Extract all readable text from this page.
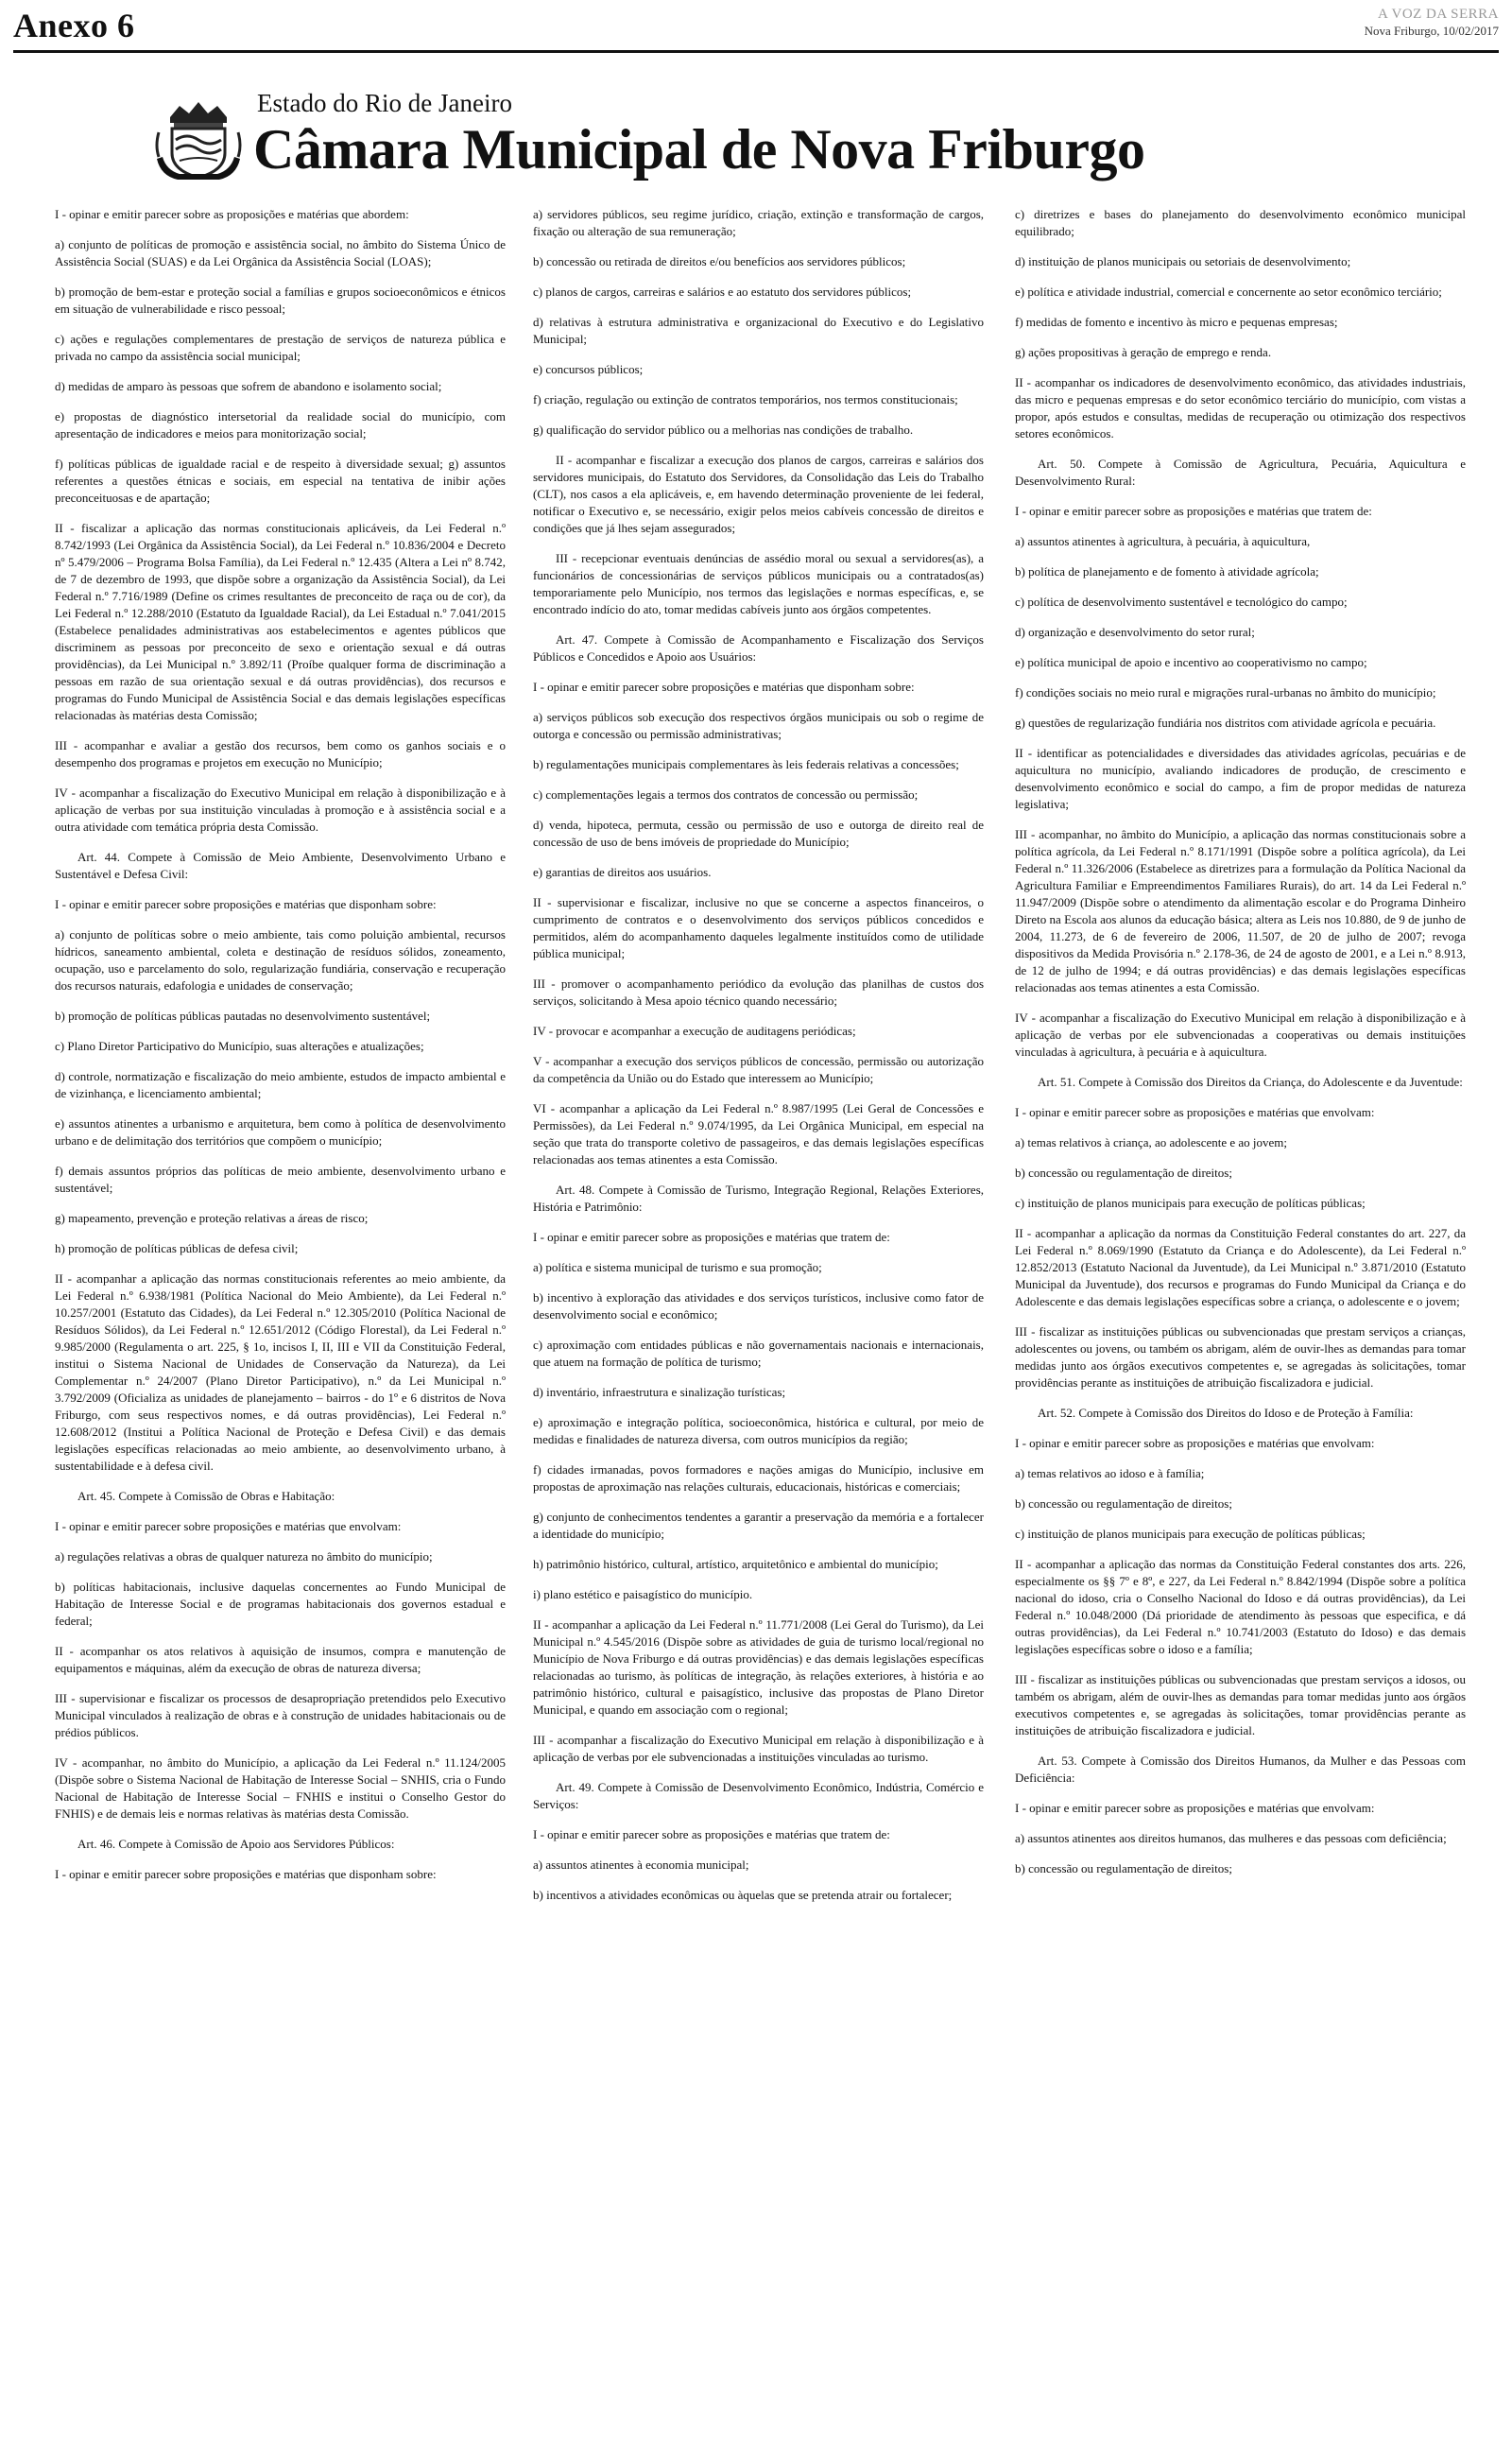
Anexo 6	A VOZ DA SERRA
Nova Friburgo, 10/02/2017
Estado do Rio de Janeiro
Câmara Municipal de Nova Friburgo

I - opinar e emitir parecer sobre as proposições e matérias que abordem:

a) conjunto de políticas de promoção e assistência social, no âmbito do Sistema Único de Assistência Social (SUAS) e da Lei Orgânica da Assistência Social (LOAS);

b) promoção de bem-estar e proteção social a famílias e grupos socioeconômicos e étnicos em situação de vulnerabilidade e risco pessoal;

c) ações e regulações complementares de prestação de serviços de natureza pública e privada no campo da assistência social municipal;

d) medidas de amparo às pessoas que sofrem de abandono e isolamento social;

e) propostas de diagnóstico intersetorial da realidade social do município, com apresentação de indicadores e meios para monitorização social;

f) políticas públicas de igualdade racial e de respeito à diversidade sexual; g) assuntos referentes a questões étnicas e sociais, em especial na tentativa de inibir ações preconceituosas e de apartação;

II - fiscalizar a aplicação das normas constitucionais aplicáveis, da Lei Federal n.º 8.742/1993 (Lei Orgânica da Assistência Social), da Lei Federal n.º 10.836/2004 e Decreto nº 5.479/2006 – Programa Bolsa Família), da Lei Federal n.º 12.435 (Altera a Lei nº 8.742, de 7 de dezembro de 1993, que dispõe sobre a organização da Assistência Social), da Lei Federal n.º 7.716/1989 (Define os crimes resultantes de preconceito de raça ou de cor), da Lei Federal n.º 12.288/2010 (Estatuto da Igualdade Racial), da Lei Estadual n.º 7.041/2015 (Estabelece penalidades administrativas aos estabelecimentos e agentes públicos que discriminem as pessoas por preconceito de sexo e orientação sexual e dá outras providências), da Lei Municipal n.º 3.892/11 (Proíbe qualquer forma de discriminação a pessoas em razão de sua orientação sexual e dá outras providências), dos recursos e programas do Fundo Municipal de Assistência Social e das demais legislações específicas relacionadas às matérias desta Comissão;

III - acompanhar e avaliar a gestão dos recursos, bem como os ganhos sociais e o desempenho dos programas e projetos em execução no Município;

IV - acompanhar a fiscalização do Executivo Municipal em relação à disponibilização e à aplicação de verbas por sua instituição vinculadas à promoção e à assistência social e a outra atividade com temática própria desta Comissão.

Art. 44. Compete à Comissão de Meio Ambiente, Desenvolvimento Urbano e Sustentável e Defesa Civil:

I - opinar e emitir parecer sobre proposições e matérias que disponham sobre:

a) conjunto de políticas sobre o meio ambiente, tais como poluição ambiental, recursos hídricos, saneamento ambiental, coleta e destinação de resíduos sólidos, zoneamento, ocupação, uso e parcelamento do solo, regularização fundiária, conservação e recuperação dos recursos naturais, edafologia e unidades de conservação;

b) promoção de políticas públicas pautadas no desenvolvimento sustentável;

c) Plano Diretor Participativo do Município, suas alterações e atualizações;

d) controle, normatização e fiscalização do meio ambiente, estudos de impacto ambiental e de vizinhança, e licenciamento ambiental;

e) assuntos atinentes a urbanismo e arquitetura, bem como à política de desenvolvimento urbano e de delimitação dos territórios que compõem o município;

f) demais assuntos próprios das políticas de meio ambiente, desenvolvimento urbano e sustentável;

g) mapeamento, prevenção e proteção relativas a áreas de risco;

h) promoção de políticas públicas de defesa civil;

II - acompanhar a aplicação das normas constitucionais referentes ao meio ambiente, da Lei Federal n.º 6.938/1981 (Política Nacional do Meio Ambiente), da Lei Federal n.º 10.257/2001 (Estatuto das Cidades), da Lei Federal n.º 12.305/2010 (Política Nacional de Resíduos Sólidos), da Lei Federal n.º 12.651/2012 (Código Florestal), da Lei Federal n.º 9.985/2000 (Regulamenta o art. 225, § 1o, incisos I, II, III e VII da Constituição Federal, institui o Sistema Nacional de Unidades de Conservação da Natureza), da Lei Complementar n.º 24/2007 (Plano Diretor Participativo), n.º da Lei Municipal n.º 3.792/2009 (Oficializa as unidades de planejamento – bairros - do 1º e 6 distritos de Nova Friburgo, com seus respectivos nomes, e dá outras providências), Lei Federal n.º 12.608/2012 (Institui a Política Nacional de Proteção e Defesa Civil) e das demais legislações específicas relacionadas ao meio ambiente, ao desenvolvimento urbano, à sustentabilidade e à defesa civil.

Art. 45. Compete à Comissão de Obras e Habitação:

I - opinar e emitir parecer sobre proposições e matérias que envolvam:

a) regulações relativas a obras de qualquer natureza no âmbito do município;

b) políticas habitacionais, inclusive daquelas concernentes ao Fundo Municipal de Habitação de Interesse Social e de programas habitacionais dos governos estadual e federal;

II - acompanhar os atos relativos à aquisição de insumos, compra e manutenção de equipamentos e máquinas, além da execução de obras de natureza diversa;

III - supervisionar e fiscalizar os processos de desapropriação pretendidos pelo Executivo Municipal vinculados à realização de obras e à construção de unidades habitacionais ou de prédios públicos.

IV - acompanhar, no âmbito do Município, a aplicação da Lei Federal n.º 11.124/2005 (Dispõe sobre o Sistema Nacional de Habitação de Interesse Social – SNHIS, cria o Fundo Nacional de Habitação de Interesse Social – FNHIS e institui o Conselho Gestor do FNHIS) e de demais leis e normas relativas às matérias desta Comissão.

Art. 46. Compete à Comissão de Apoio aos Servidores Públicos:

I - opinar e emitir parecer sobre proposições e matérias que disponham sobre:

a) servidores públicos, seu regime jurídico, criação, extinção e transformação de cargos, fixação ou alteração de sua remuneração;

b) concessão ou retirada de direitos e/ou benefícios aos servidores públicos;

c) planos de cargos, carreiras e salários e ao estatuto dos servidores públicos;

d) relativas à estrutura administrativa e organizacional do Executivo e do Legislativo Municipal;

e) concursos públicos;

f) criação, regulação ou extinção de contratos temporários, nos termos constitucionais;

g) qualificação do servidor público ou a melhorias nas condições de trabalho.

II - acompanhar e fiscalizar a execução dos planos de cargos, carreiras e salários dos servidores municipais, do Estatuto dos Servidores, da Consolidação das Leis do Trabalho (CLT), nos casos a ela aplicáveis, e, em havendo determinação proveniente de lei federal, notificar o Executivo e, se necessário, exigir pelos meios cabíveis concessão de direitos e condições que já lhes sejam assegurados;

III - recepcionar eventuais denúncias de assédio moral ou sexual a servidores(as), a funcionários de concessionárias de serviços públicos municipais ou a contratados(as) temporariamente pelo Município, nos termos das legislações e normas específicas, e, se encontrado indício do ato, tomar medidas cabíveis junto aos órgãos competentes.

Art. 47. Compete à Comissão de Acompanhamento e Fiscalização dos Serviços Públicos e Concedidos e Apoio aos Usuários:

I - opinar e emitir parecer sobre proposições e matérias que disponham sobre:

a) serviços públicos sob execução dos respectivos órgãos municipais ou sob o regime de outorga e concessão ou permissão administrativas;

b) regulamentações municipais complementares às leis federais relativas a concessões;

c) complementações legais a termos dos contratos de concessão ou permissão;

d) venda, hipoteca, permuta, cessão ou permissão de uso e outorga de direito real de concessão de uso de bens imóveis de propriedade do Município;

e) garantias de direitos aos usuários.

II - supervisionar e fiscalizar, inclusive no que se concerne a aspectos financeiros, o cumprimento de contratos e o desenvolvimento dos serviços públicos concedidos e permitidos, além do acompanhamento daqueles legalmente instituídos como de utilidade pública municipal;

III - promover o acompanhamento periódico da evolução das planilhas de custos dos serviços, solicitando à Mesa apoio técnico quando necessário;

IV - provocar e acompanhar a execução de auditagens periódicas;

V - acompanhar a execução dos serviços públicos de concessão, permissão ou autorização da competência da União ou do Estado que interessem ao Município;

VI - acompanhar a aplicação da Lei Federal n.º 8.987/1995 (Lei Geral de Concessões e Permissões), da Lei Federal n.º 9.074/1995, da Lei Orgânica Municipal, em especial na seção que trata do transporte coletivo de passageiros, e das demais legislações específicas relacionadas aos temas atinentes a esta Comissão.

Art. 48. Compete à Comissão de Turismo, Integração Regional, Relações Exteriores, História e Patrimônio:

I - opinar e emitir parecer sobre as proposições e matérias que tratem de:

a) política e sistema municipal de turismo e sua promoção;

b) incentivo à exploração das atividades e dos serviços turísticos, inclusive como fator de desenvolvimento social e econômico;

c) aproximação com entidades públicas e não governamentais nacionais e internacionais, que atuem na formação de política de turismo;

d) inventário, infraestrutura e sinalização turísticas;

e) aproximação e integração política, socioeconômica, histórica e cultural, por meio de medidas e finalidades de natureza diversa, com outros municípios da região;

f) cidades irmanadas, povos formadores e nações amigas do Município, inclusive em propostas de aproximação nas relações culturais, educacionais, históricas e comerciais;

g) conjunto de conhecimentos tendentes a garantir a preservação da memória e a fortalecer a identidade do município;

h) patrimônio histórico, cultural, artístico, arquitetônico e ambiental do município;

i) plano estético e paisagístico do município.

II - acompanhar a aplicação da Lei Federal n.º 11.771/2008 (Lei Geral do Turismo), da Lei Municipal n.º 4.545/2016 (Dispõe sobre as atividades de guia de turismo local/regional no Município de Nova Friburgo e dá outras providências) e das demais legislações específicas relacionadas ao turismo, às políticas de integração, às relações exteriores, à história e ao patrimônio histórico, cultural e paisagístico, inclusive das propostas de Plano Diretor Municipal, e quando em associação com o regional;

III - acompanhar a fiscalização do Executivo Municipal em relação à disponibilização e à aplicação de verbas por ele subvencionadas a instituições vinculadas ao turismo.

Art. 49. Compete à Comissão de Desenvolvimento Econômico, Indústria, Comércio e Serviços:

I - opinar e emitir parecer sobre as proposições e matérias que tratem de:

a) assuntos atinentes à economia municipal;

b) incentivos a atividades econômicas ou àquelas que se pretenda atrair ou fortalecer;

c) diretrizes e bases do planejamento do desenvolvimento econômico municipal equilibrado;

d) instituição de planos municipais ou setoriais de desenvolvimento;

e) política e atividade industrial, comercial e concernente ao setor econômico terciário;

f) medidas de fomento e incentivo às micro e pequenas empresas;

g) ações propositivas à geração de emprego e renda.

II - acompanhar os indicadores de desenvolvimento econômico, das atividades industriais, das micro e pequenas empresas e do setor econômico terciário do município, com vistas a propor, após estudos e consultas, medidas de recuperação ou otimização dos respectivos setores econômicos.

Art. 50. Compete à Comissão de Agricultura, Pecuária, Aquicultura e Desenvolvimento Rural:

I - opinar e emitir parecer sobre as proposições e matérias que tratem de:

a) assuntos atinentes à agricultura, à pecuária, à aquicultura,

b) política de planejamento e de fomento à atividade agrícola;

c) política de desenvolvimento sustentável e tecnológico do campo;

d) organização e desenvolvimento do setor rural;

e) política municipal de apoio e incentivo ao cooperativismo no campo;

f) condições sociais no meio rural e migrações rural-urbanas no âmbito do município;

g) questões de regularização fundiária nos distritos com atividade agrícola e pecuária.

II - identificar as potencialidades e diversidades das atividades agrícolas, pecuárias e de aquicultura no município, avaliando indicadores de produção, de crescimento e desenvolvimento econômico e social do campo, a fim de propor medidas de natureza legislativa;

III - acompanhar, no âmbito do Município, a aplicação das normas constitucionais sobre a política agrícola, da Lei Federal n.º 8.171/1991 (Dispõe sobre a política agrícola), da Lei Federal n.º 11.326/2006 (Estabelece as diretrizes para a formulação da Política Nacional da Agricultura Familiar e Empreendimentos Familiares Rurais), do art. 14 da Lei Federal n.º 11.947/2009 (Dispõe sobre o atendimento da alimentação escolar e do Programa Dinheiro Direto na Escola aos alunos da educação básica; altera as Leis nos 10.880, de 9 de junho de 2004, 11.273, de 6 de fevereiro de 2006, 11.507, de 20 de julho de 2007; revoga dispositivos da Medida Provisória n.º 2.178-36, de 24 de agosto de 2001, e a Lei n.º 8.913, de 12 de julho de 1994; e dá outras providências) e das demais legislações específicas relacionadas aos temas atinentes a esta Comissão.

IV - acompanhar a fiscalização do Executivo Municipal em relação à disponibilização e à aplicação de verbas por ele subvencionadas a cooperativas ou demais instituições vinculadas à agricultura, à pecuária e à aquicultura.

Art. 51. Compete à Comissão dos Direitos da Criança, do Adolescente e da Juventude:

I - opinar e emitir parecer sobre as proposições e matérias que envolvam:

a) temas relativos à criança, ao adolescente e ao jovem;

b) concessão ou regulamentação de direitos;

c) instituição de planos municipais para execução de políticas públicas;

II - acompanhar a aplicação da normas da Constituição Federal constantes do art. 227, da Lei Federal n.º 8.069/1990 (Estatuto da Criança e do Adolescente), da Lei Federal n.º 12.852/2013 (Estatuto Nacional da Juventude), da Lei Municipal n.º 3.871/2010 (Estatuto Municipal da Juventude), dos recursos e programas do Fundo Municipal da Criança e do Adolescente e das demais legislações específicas sobre a criança, o adolescente e o jovem;

III - fiscalizar as instituições públicas ou subvencionadas que prestam serviços a crianças, adolescentes ou jovens, ou também os abrigam, além de ouvir-lhes as demandas para tomar medidas junto aos órgãos executivos competentes e, se agregadas às solicitações, tomar providências perante as instituições de atribuição fiscalizadora e judicial.

Art. 52. Compete à Comissão dos Direitos do Idoso e de Proteção à Família:

I - opinar e emitir parecer sobre as proposições e matérias que envolvam:

a) temas relativos ao idoso e à família;

b) concessão ou regulamentação de direitos;

c) instituição de planos municipais para execução de políticas públicas;

II - acompanhar a aplicação das normas da Constituição Federal constantes dos arts. 226, especialmente os §§ 7º e 8º, e 227, da Lei Federal n.º 8.842/1994 (Dispõe sobre a política nacional do idoso, cria o Conselho Nacional do Idoso e dá outras providências), da Lei Federal n.º 10.048/2000 (Dá prioridade de atendimento às pessoas que especifica, e dá outras providências), da Lei Federal n.º 10.741/2003 (Estatuto do Idoso) e das demais legislações específicas sobre o idoso e a família;

III - fiscalizar as instituições públicas ou subvencionadas que prestam serviços a idosos, ou também os abrigam, além de ouvir-lhes as demandas para tomar medidas junto aos órgãos executivos competentes e, se agregadas às solicitações, tomar providências perante as instituições de atribuição fiscalizadora e judicial.

Art. 53. Compete à Comissão dos Direitos Humanos, da Mulher e das Pessoas com Deficiência:

I - opinar e emitir parecer sobre as proposições e matérias que envolvam:

a) assuntos atinentes aos direitos humanos, das mulheres e das pessoas com deficiência;

b) concessão ou regulamentação de direitos;
